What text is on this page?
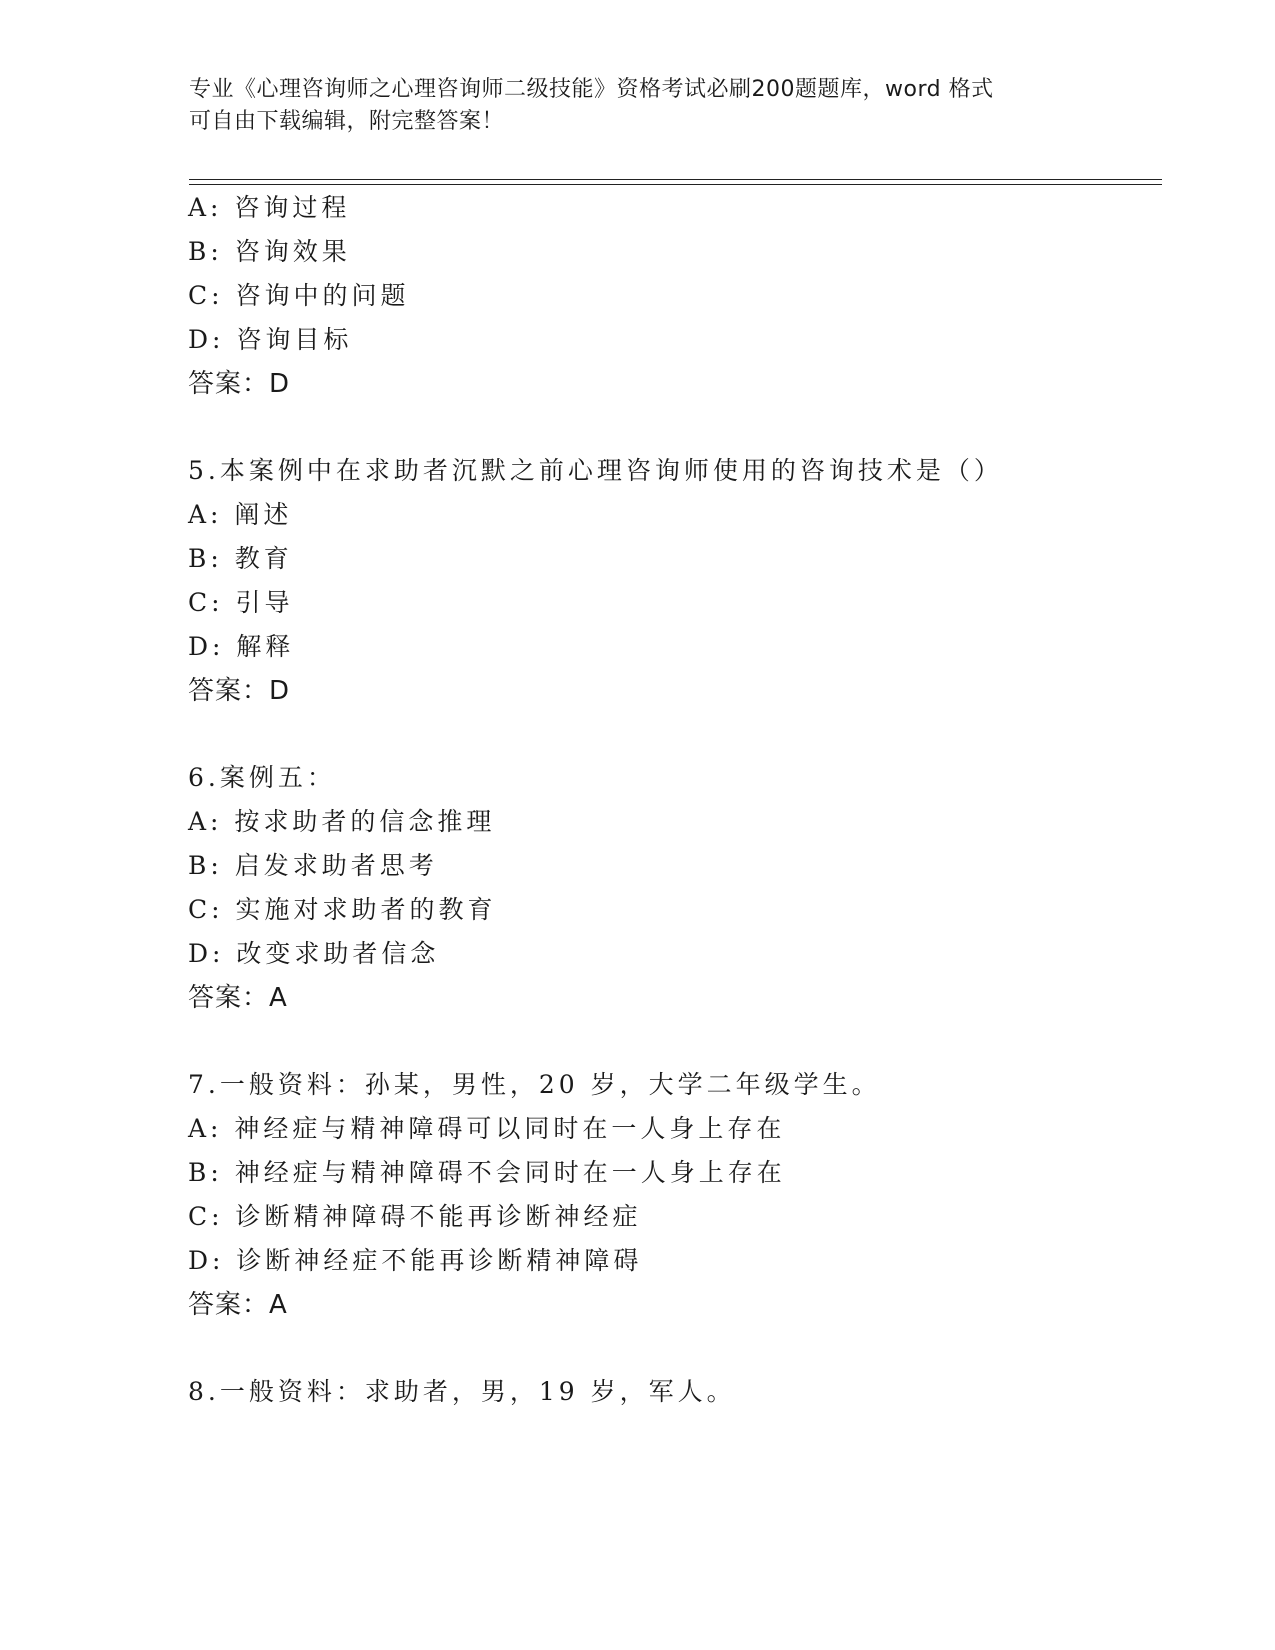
专业《心理咨询师之心理咨询师二级技能》资格考试必刷200题题库，word 格式
可自由下载编辑，附完整答案！
A: 咨询过程
B: 咨询效果
C: 咨询中的问题
D: 咨询目标
答案：D
5.本案例中在求助者沉默之前心理咨询师使用的咨询技术是（）
A: 阐述
B: 教育
C: 引导
D: 解释
答案：D
6.案例五：
A: 按求助者的信念推理
B: 启发求助者思考
C: 实施对求助者的教育
D: 改变求助者信念
答案：A
7.一般资料：孙某，男性，20 岁，大学二年级学生。
A: 神经症与精神障碍可以同时在一人身上存在
B: 神经症与精神障碍不会同时在一人身上存在
C: 诊断精神障碍不能再诊断神经症
D: 诊断神经症不能再诊断精神障碍
答案：A
8.一般资料：求助者，男，19 岁，军人。
